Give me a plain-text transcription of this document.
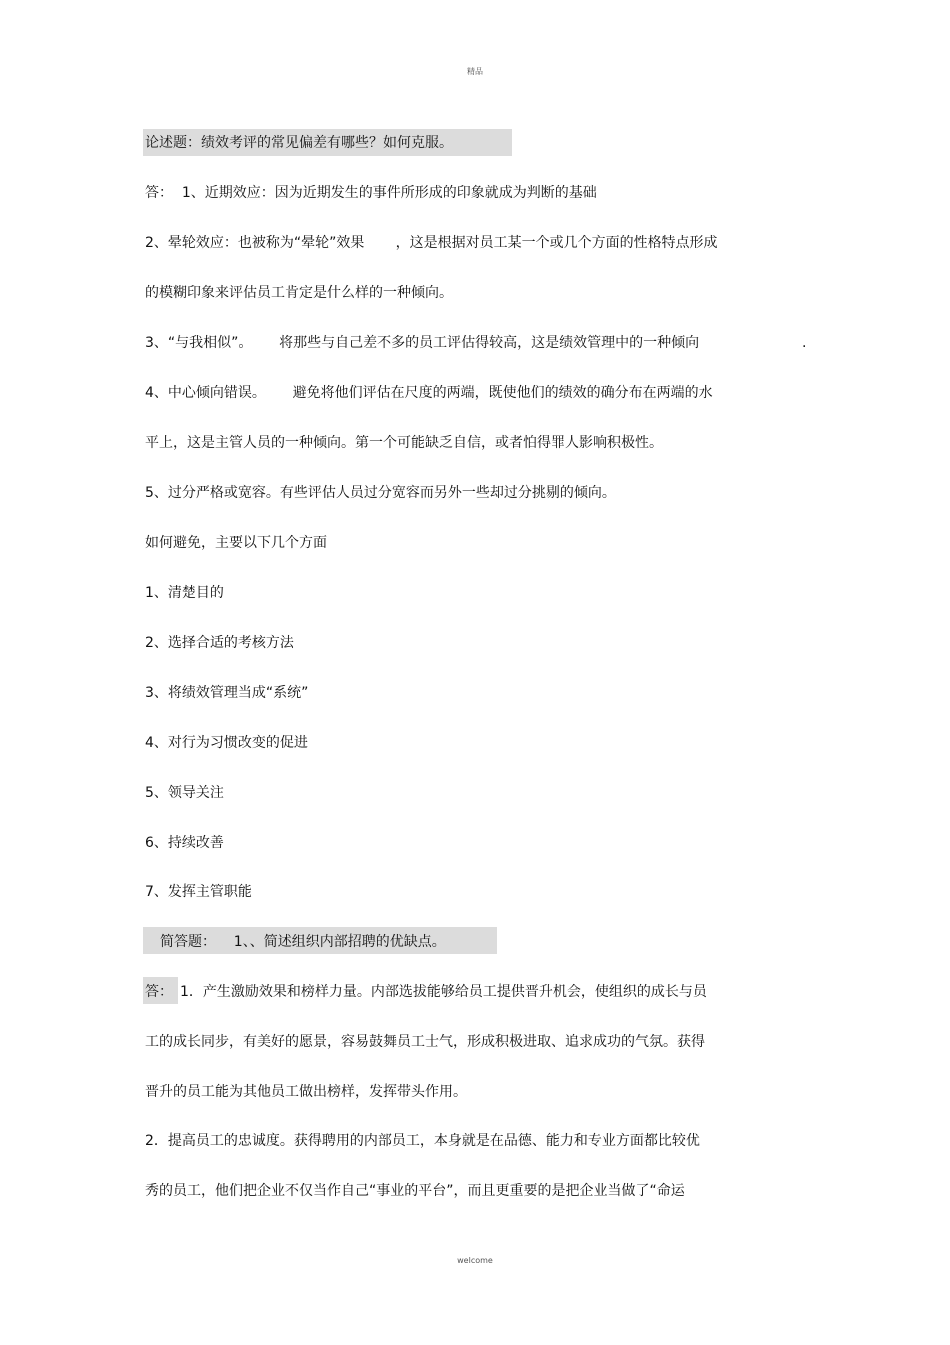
精品
论述题：绩效考评的常见偏差有哪些？如何克服。
答：  1、近期效应：因为近期发生的事件所形成的印象就成为判断的基础
2、晕轮效应：也被称为“晕轮”效果       ，这是根据对员工某一个或几个方面的性格特点形成
的模糊印象来评估员工肯定是什么样的一种倾向。
3、“与我相似”。      将那些与自己差不多的员工评估得较高，这是绩效管理中的一种倾向	.
4、中心倾向错误。      避免将他们评估在尺度的两端，既使他们的绩效的确分布在两端的水
平上，这是主管人员的一种倾向。第一个可能缺乏自信，或者怕得罪人影响积极性。
5、过分严格或宽容。有些评估人员过分宽容而另外一些却过分挑剔的倾向。
如何避免，主要以下几个方面
1、清楚目的
2、选择合适的考核方法
3、将绩效管理当成“系统”
4、对行为习惯改变的促进
5、领导关注
6、持续改善
7、发挥主管职能
简答题：    1、、简述组织内部招聘的优缺点。
答： 1．产生激励效果和榜样力量。内部选拔能够给员工提供晋升机会，使组织的成长与员
工的成长同步，有美好的愿景，容易鼓舞员工士气，形成积极进取、追求成功的气氛。获得
晋升的员工能为其他员工做出榜样，发挥带头作用。
2．提高员工的忠诚度。获得聘用的内部员工，本身就是在品德、能力和专业方面都比较优
秀的员工，他们把企业不仅当作自己“事业的平台”，而且更重要的是把企业当做了“命运
welcome
